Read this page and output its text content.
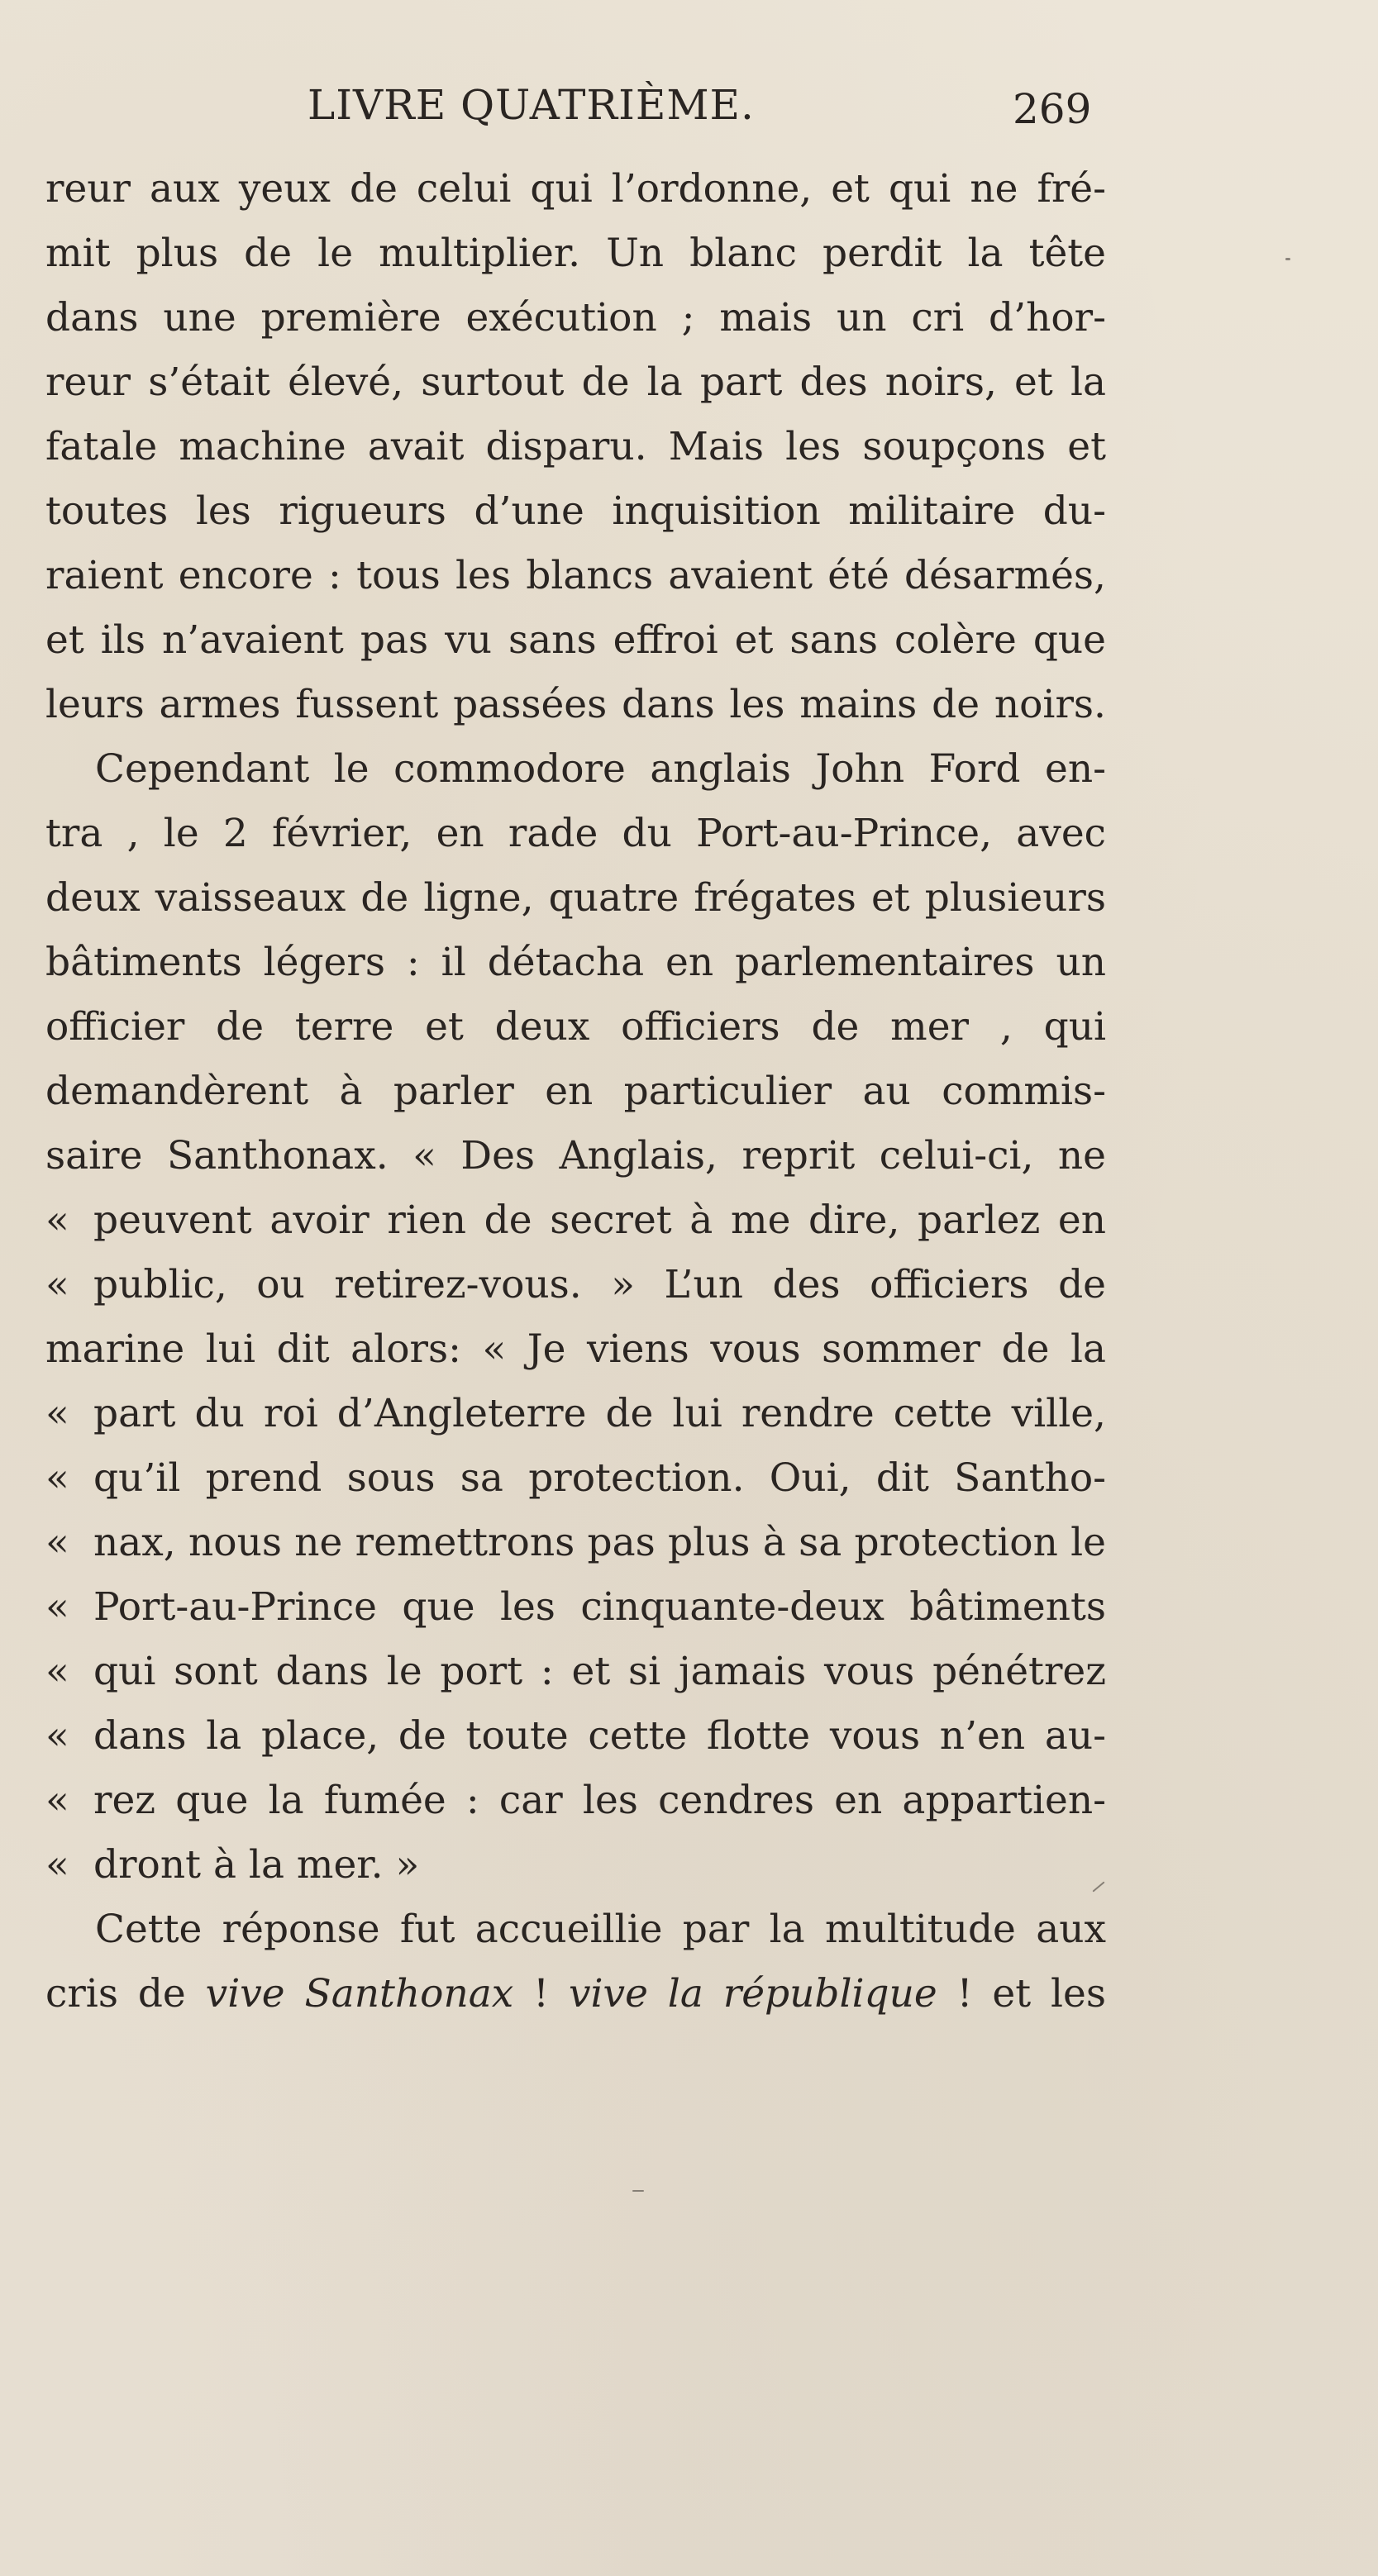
LIVRE QUATRIÈME.	269
reur aux yeux de celui qui l’ordonne, et qui ne fré-
mit plus de le multiplier. Un blanc perdit la tête
dans une première exécution ; mais un cri d’hor-
reur s’était élevé, surtout de la part des noirs, et la
fatale machine avait disparu. Mais les soupçons et
toutes les rigueurs d’une inquisition militaire du-
raient encore : tous les blancs avaient été désarmés,
et ils n’avaient pas vu sans effroi et sans colère que
leurs armes fussent passées dans les mains de noirs.
Cependant le commodore anglais John Ford en-
tra , le 2 février, en rade du Port-au-Prince, avec
deux vaisseaux de ligne, quatre frégates et plusieurs
bâtiments légers : il détacha en parlementaires un
officier de terre et deux officiers de mer , qui
demandèrent à parler en particulier au commis-
saire Santhonax. « Des Anglais, reprit celui-ci, ne
« peuvent avoir rien de secret à me dire, parlez en
« public, ou retirez-vous. » L’un des officiers de
marine lui dit alors: « Je viens vous sommer de la
« part du roi d’Angleterre de lui rendre cette ville,
« qu’il prend sous sa protection. Oui, dit Santho-
« nax, nous ne remettrons pas plus à sa protection le
« Port-au-Prince que les cinquante-deux bâtiments
« qui sont dans le port : et si jamais vous pénétrez
« dans la place, de toute cette flotte vous n’en au-
« rez que la fumée : car les cendres en appartien-
« dront à la mer. »
Cette réponse fut accueillie par la multitude aux
cris de vive Santhonax ! vive la république ! et les
